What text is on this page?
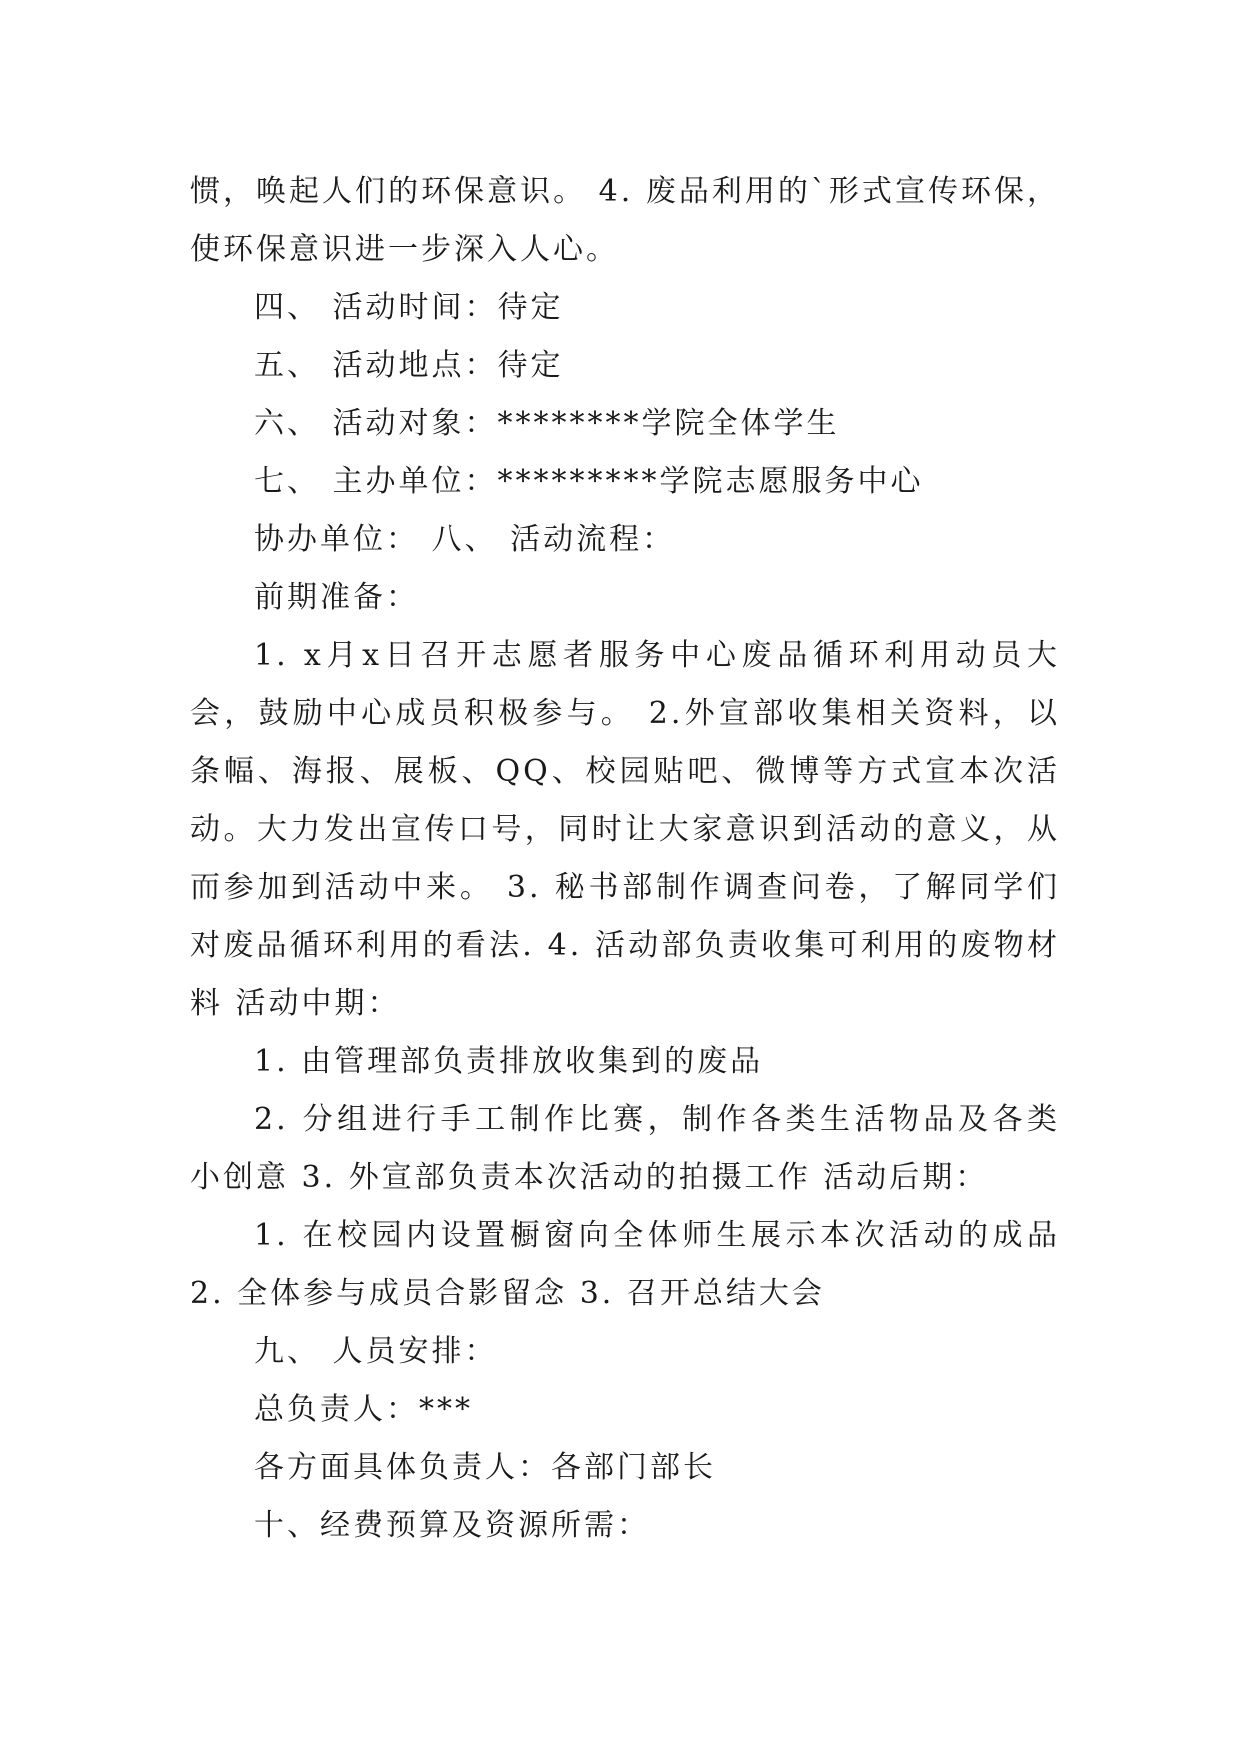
惯，唤起人们的环保意识。 4. 废品利用的`形式宣传环保，使环保意识进一步深入人心。

四、 活动时间：待定

五、 活动地点：待定

六、 活动对象：********学院全体学生

七、 主办单位：*********学院志愿服务中心

协办单位： 八、 活动流程：

前期准备：

1. x月x日召开志愿者服务中心废品循环利用动员大会，鼓励中心成员积极参与。 2.外宣部收集相关资料，以条幅、海报、展板、QQ、校园贴吧、微博等方式宣本次活动。大力发出宣传口号，同时让大家意识到活动的意义，从而参加到活动中来。 3. 秘书部制作调查问卷，了解同学们对废品循环利用的看法. 4. 活动部负责收集可利用的废物材料 活动中期：

1. 由管理部负责排放收集到的废品

2. 分组进行手工制作比赛，制作各类生活物品及各类小创意 3. 外宣部负责本次活动的拍摄工作 活动后期：

1. 在校园内设置橱窗向全体师生展示本次活动的成品 2. 全体参与成员合影留念 3. 召开总结大会

九、 人员安排：

总负责人：***

各方面具体负责人：各部门部长

十、经费预算及资源所需：
